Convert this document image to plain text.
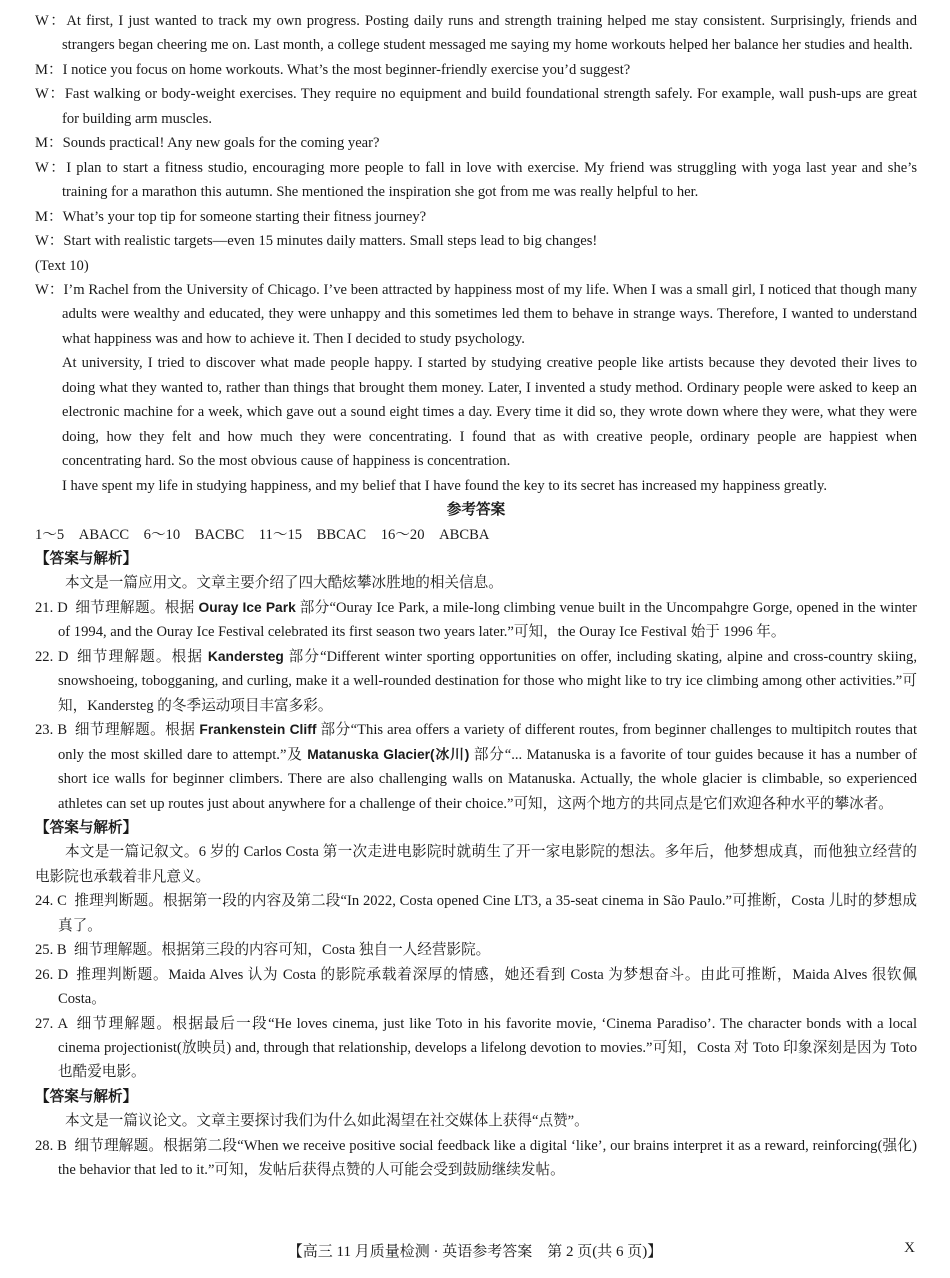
W：At first, I just wanted to track my own progress. Posting daily runs and strength training helped me stay consistent. Surprisingly, friends and strangers began cheering me on. Last month, a college student messaged me saying my home workouts helped her balance her studies and health.
M：I notice you focus on home workouts. What’s the most beginner-friendly exercise you’d suggest?
W：Fast walking or body-weight exercises. They require no equipment and build foundational strength safely. For example, wall push-ups are great for building arm muscles.
M：Sounds practical! Any new goals for the coming year?
W：I plan to start a fitness studio, encouraging more people to fall in love with exercise. My friend was struggling with yoga last year and she’s training for a marathon this autumn. She mentioned the inspiration she got from me was really helpful to her.
M：What’s your top tip for someone starting their fitness journey?
W：Start with realistic targets—even 15 minutes daily matters. Small steps lead to big changes!
(Text 10)
W：I’m Rachel from the University of Chicago. I’ve been attracted by happiness most of my life. When I was a small girl, I noticed that though many adults were wealthy and educated, they were unhappy and this sometimes led them to behave in strange ways. Therefore, I wanted to understand what happiness was and how to achieve it. Then I decided to study psychology.
At university, I tried to discover what made people happy. I started by studying creative people like artists because they devoted their lives to doing what they wanted to, rather than things that brought them money. Later, I invented a study method. Ordinary people were asked to keep an electronic machine for a week, which gave out a sound eight times a day. Every time it did so, they wrote down where they were, what they were doing, how they felt and how much they were concentrating. I found that as with creative people, ordinary people are happiest when concentrating hard. So the most obvious cause of happiness is concentration.
I have spent my life in studying happiness, and my belief that I have found the key to its secret has increased my happiness greatly.
参考答案
1～5　ABACC　6～10　BACBC　11～15　BBCAC　16～20　ABCBA
【答案与解析】
本文是一篇应用文。文章主要介绍了四大酷炫攀冰胜地的相关信息。
21. D  细节理解题。根据 Ouray Ice Park 部分“Ouray Ice Park, a mile-long climbing venue built in the Uncompahgre Gorge, opened in the winter of 1994, and the Ouray Ice Festival celebrated its first season two years later.”可知，the Ouray Ice Festival 始于 1996 年。
22. D  细节理解题。根据 Kandersteg 部分“Different winter sporting opportunities on offer, including skating, alpine and cross-country skiing, snowshoeing, tobogganing, and curling, make it a well-rounded destination for those who might like to try ice climbing among other activities.”可知，Kandersteg 的冬季运动项目丰富多彩。
23. B  细节理解题。根据 Frankenstein Cliff 部分“This area offers a variety of different routes, from beginner challenges to multipitch routes that only the most skilled dare to attempt.”及 Matanuska Glacier(冰川) 部分“... Matanuska is a favorite of tour guides because it has a number of short ice walls for beginner climbers. There are also challenging walls on Matanuska. Actually, the whole glacier is climbable, so experienced athletes can set up routes just about anywhere for a challenge of their choice.”可知，这两个地方的共同点是它们欢迎各种水平的攀冰者。
【答案与解析】
本文是一篇记叙文。6 岁的 Carlos Costa 第一次走进电影院时就萌生了开一家电影院的想法。多年后，他梦想成真，而他独立经营的电影院也承载着非凡意义。
24. C  推理判断题。根据第一段的内容及第二段“In 2022, Costa opened Cine LT3, a 35-seat cinema in São Paulo.”可推断，Costa 儿时的梦想成真了。
25. B  细节理解题。根据第三段的内容可知，Costa 独自一人经营影院。
26. D  推理判断题。Maida Alves 认为 Costa 的影院承载着深厚的情感，她还看到 Costa 为梦想奋斗。由此可推断，Maida Alves 很钦佩 Costa。
27. A  细节理解题。根据最后一段“He loves cinema, just like Toto in his favorite movie, ‘Cinema Paradiso’. The character bonds with a local cinema projectionist(放映员) and, through that relationship, develops a lifelong devotion to movies.”可知，Costa 对 Toto 印象深刻是因为 Toto 也酷爱电影。
【答案与解析】
本文是一篇议论文。文章主要探讨我们为什么如此渴望在社交媒体上获得“点赞”。
28. B  细节理解题。根据第二段“When we receive positive social feedback like a digital ‘like’, our brains interpret it as a reward, reinforcing(强化) the behavior that led to it.”可知，发帖后获得点赞的人可能会受到鼓励继续发帖。
【高三 11 月质量检测 · 英语参考答案　第 2 页(共 6 页)】	X
